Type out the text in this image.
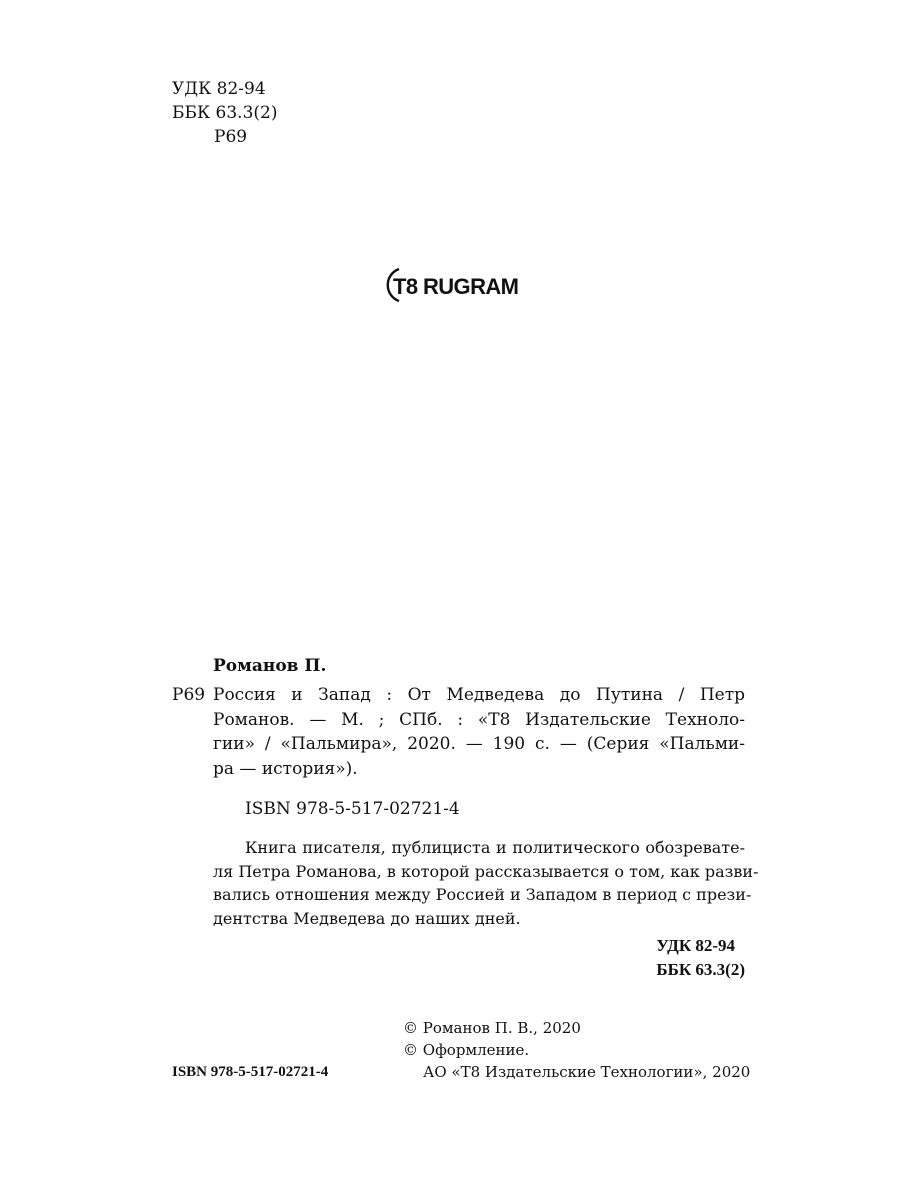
УДК 82-94
ББК 63.3(2)
Р69
Т8 RUGRAM
Романов П.
Р69 Россия и Запад : От Медведева до Путина / Петр
Романов. — М. ; СПб. : «Т8 Издательские Техноло-
гии» / «Пальмира», 2020. — 190 с. — (Серия «Пальми-
ра — история»).
ISBN 978-5-517-02721-4
Книга писателя, публициста и политического обозревате-
ля Петра Романова, в которой рассказывается о том, как разви-
вались отношения между Россией и Западом в период с прези-
дентства Медведева до наших дней.
УДК 82-94
ББК 63.3(2)
© Романов П. В., 2020
© Оформление.
АО «Т8 Издательские Технологии», 2020
ISBN 978-5-517-02721-4
